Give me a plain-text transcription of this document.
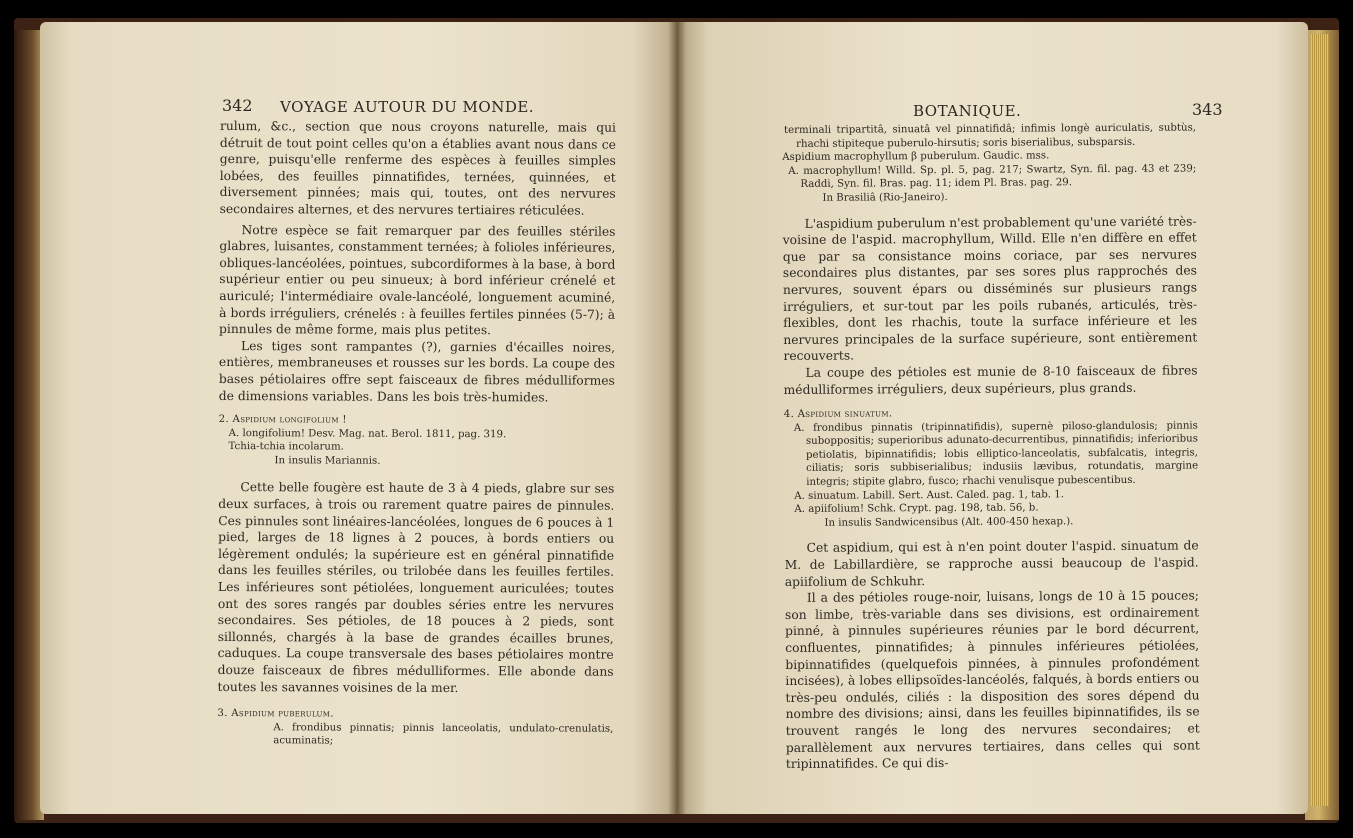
342 VOYAGE AUTOUR DU MONDE.

rulum, &c., section que nous croyons naturelle, mais qui détruit de tout point celles qu'on a établies avant nous dans ce genre, puisqu'elle renferme des espèces à feuilles simples lobées, des feuilles pinnatifides, ternées, quinnées, et diversement pinnées; mais qui, toutes, ont des nervures secondaires alternes, et des nervures tertiaires réticulées.

Notre espèce se fait remarquer par des feuilles stériles glabres, luisantes, constamment ternées; à folioles inférieures, obliques-lancéolées, pointues, subcordiformes à la base, à bord supérieur entier ou peu sinueux; à bord inférieur crénelé et auriculé; l'intermédiaire ovale-lancéolé, longuement acuminé, à bords irréguliers, crénelés : à feuilles fertiles pinnées (5-7); à pinnules de même forme, mais plus petites.

Les tiges sont rampantes (?), garnies d'écailles noires, entières, membraneuses et rousses sur les bords. La coupe des bases pétiolaires offre sept faisceaux de fibres médulliformes de dimensions variables. Dans les bois très-humides.

2. Aspidium longifolium !

A. longifolium! Desv. Mag. nat. Berol. 1811, pag. 319.

Tchia-tchia incolarum.

In insulis Mariannis.

Cette belle fougère est haute de 3 à 4 pieds, glabre sur ses deux surfaces, à trois ou rarement quatre paires de pinnules. Ces pinnules sont linéaires-lancéolées, longues de 6 pouces à 1 pied, larges de 18 lignes à 2 pouces, à bords entiers ou légèrement ondulés; la supérieure est en général pinnatifide dans les feuilles stériles, ou trilobée dans les feuilles fertiles. Les inférieures sont pétiolées, longuement auriculées; toutes ont des sores rangés par doubles séries entre les nervures secondaires. Ses pétioles, de 18 pouces à 2 pieds, sont sillonnés, chargés à la base de grandes écailles brunes, caduques. La coupe transversale des bases pétiolaires montre douze faisceaux de fibres médulliformes. Elle abonde dans toutes les savannes voisines de la mer.

3. Aspidium puberulum.

A. frondibus pinnatis; pinnis lanceolatis, undulato-crenulatis, acuminatis;

BOTANIQUE.	343

terminali tripartitâ, sinuatâ vel pinnatifidâ; infimis longè auriculatis, subtùs, rhachi stipiteque puberulo-hirsutis; soris biserialibus, subsparsis.

Aspidium macrophyllum β puberulum. Gaudic. mss.

A. macrophyllum! Willd. Sp. pl. 5, pag. 217; Swartz, Syn. fil. pag. 43 et 239; Raddi, Syn. fil. Bras. pag. 11; idem Pl. Bras. pag. 29.

In Brasiliâ (Rio-Janeiro).

L'aspidium puberulum n'est probablement qu'une variété très-voisine de l'aspid. macrophyllum, Willd. Elle n'en diffère en effet que par sa consistance moins coriace, par ses nervures secondaires plus distantes, par ses sores plus rapprochés des nervures, souvent épars ou disséminés sur plusieurs rangs irréguliers, et sur-tout par les poils rubanés, articulés, très-flexibles, dont les rhachis, toute la surface inférieure et les nervures principales de la surface supérieure, sont entièrement recouverts.

La coupe des pétioles est munie de 8-10 faisceaux de fibres médulliformes irréguliers, deux supérieurs, plus grands.

4. Aspidium sinuatum.

A. frondibus pinnatis (tripinnatifidis), supernè piloso-glandulosis; pinnis suboppositis; superioribus adunato-decurrentibus, pinnatifidis; inferioribus petiolatis, bipinnatifidis; lobis elliptico-lanceolatis, subfalcatis, integris, ciliatis; soris subbiserialibus; indusiis lævibus, rotundatis, margine integris; stipite glabro, fusco; rhachi venulisque pubescentibus.

A. sinuatum. Labill. Sert. Aust. Caled. pag. 1, tab. 1.

A. apiifolium! Schk. Crypt. pag. 198, tab. 56, b.

In insulis Sandwicensibus (Alt. 400-450 hexap.).

Cet aspidium, qui est à n'en point douter l'aspid. sinuatum de M. de Labillardière, se rapproche aussi beaucoup de l'aspid. apiifolium de Schkuhr.

Il a des pétioles rouge-noir, luisans, longs de 10 à 15 pouces; son limbe, très-variable dans ses divisions, est ordinairement pinné, à pinnules supérieures réunies par le bord décurrent, confluentes, pinnatifides; à pinnules inférieures pétiolées, bipinnatifides (quelquefois pinnées, à pinnules profondément incisées), à lobes ellipsoïdes-lancéolés, falqués, à bords entiers ou très-peu ondulés, ciliés : la disposition des sores dépend du nombre des divisions; ainsi, dans les feuilles bipinnatifides, ils se trouvent rangés le long des nervures secondaires; et parallèlement aux nervures tertiaires, dans celles qui sont tripinnatifides. Ce qui dis-
